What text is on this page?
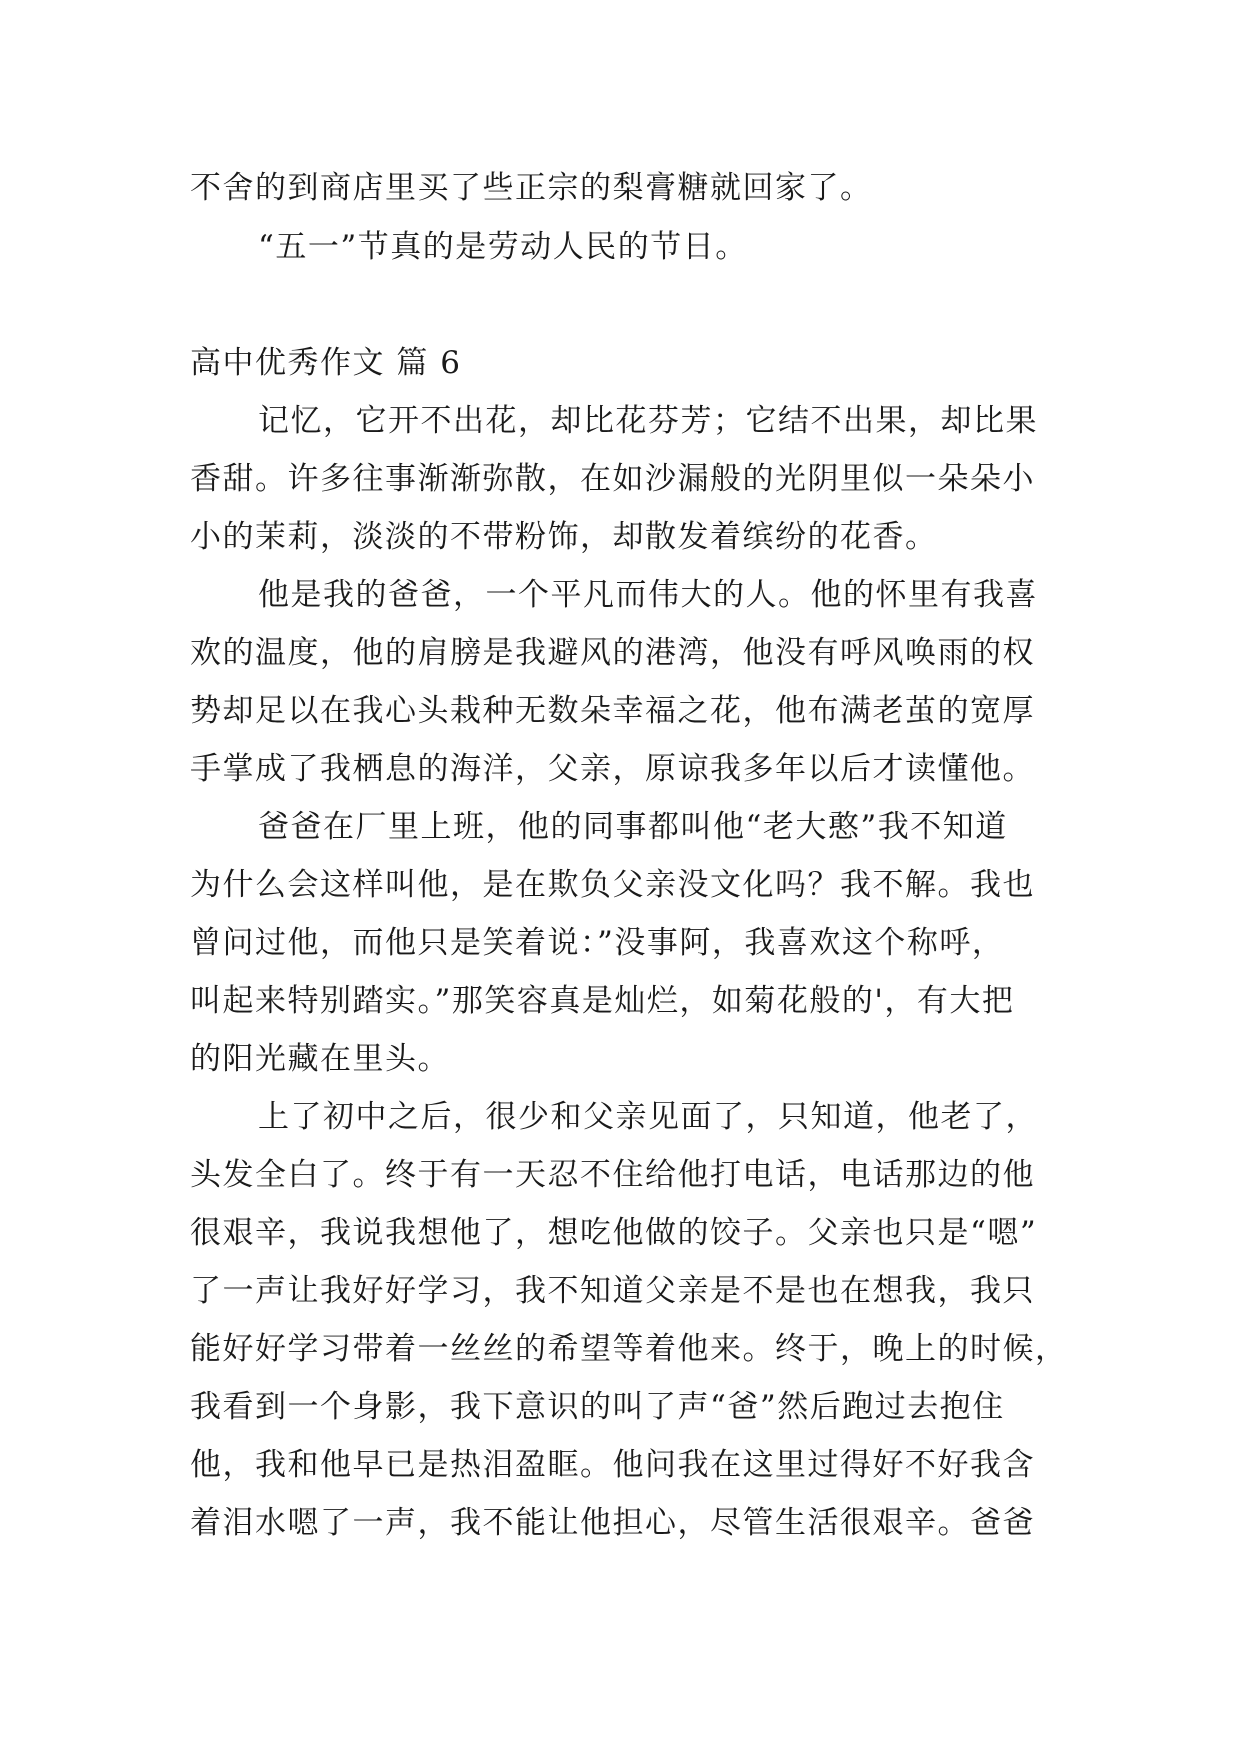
不舍的到商店里买了些正宗的梨膏糖就回家了。
“五一”节真的是劳动人民的节日。
高中优秀作文 篇 6
记忆，它开不出花，却比花芬芳；它结不出果，却比果
香甜。许多往事渐渐弥散，在如沙漏般的光阴里似一朵朵小
小的茉莉，淡淡的不带粉饰，却散发着缤纷的花香。
他是我的爸爸，一个平凡而伟大的人。他的怀里有我喜
欢的温度，他的肩膀是我避风的港湾，他没有呼风唤雨的权
势却足以在我心头栽种无数朵幸福之花，他布满老茧的宽厚
手掌成了我栖息的海洋，父亲，原谅我多年以后才读懂他。
爸爸在厂里上班，他的同事都叫他“老大憨”我不知道
为什么会这样叫他，是在欺负父亲没文化吗？我不解。我也
曾问过他，而他只是笑着说：”没事阿，我喜欢这个称呼，
叫起来特别踏实。”那笑容真是灿烂，如菊花般的'，有大把
的阳光藏在里头。
上了初中之后，很少和父亲见面了，只知道，他老了，
头发全白了。终于有一天忍不住给他打电话，电话那边的他
很艰辛，我说我想他了，想吃他做的饺子。父亲也只是“嗯”
了一声让我好好学习，我不知道父亲是不是也在想我，我只
能好好学习带着一丝丝的希望等着他来。终于，晚上的时候，
我看到一个身影，我下意识的叫了声“爸”然后跑过去抱住
他，我和他早已是热泪盈眶。他问我在这里过得好不好我含
着泪水嗯了一声，我不能让他担心，尽管生活很艰辛。爸爸
